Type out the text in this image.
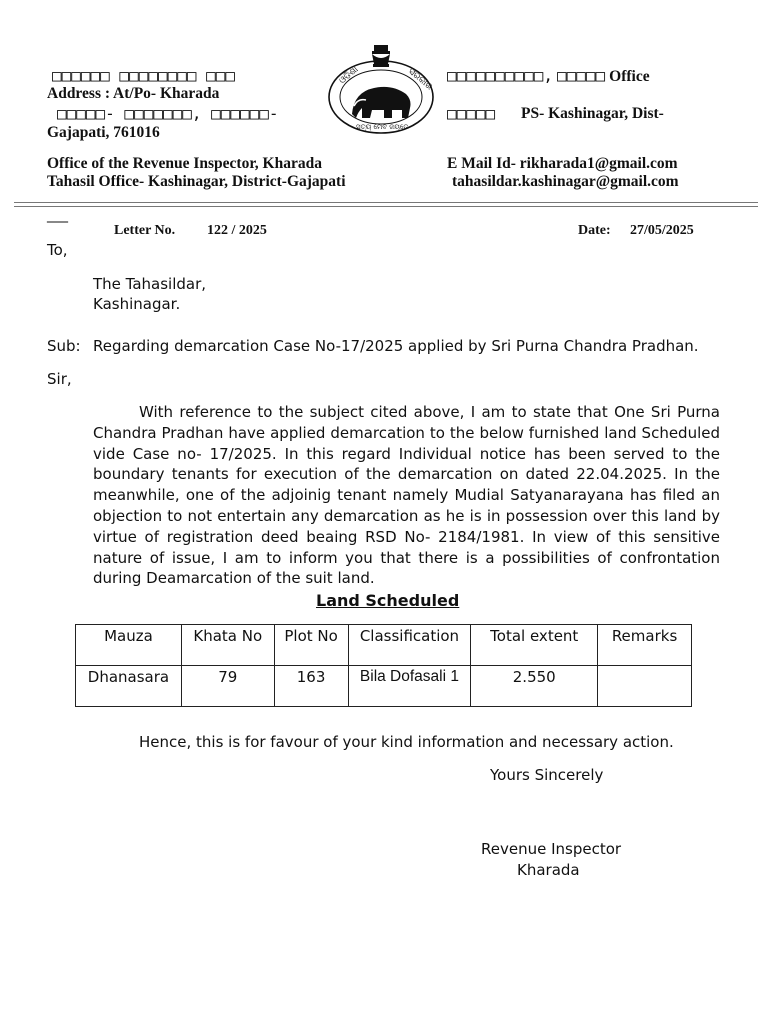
□□□□□□ □□□□□□□□ □□□
Address : At/Po- Kharada
□□□□□- □□□□□□□, □□□□□□-
Gajapati, 761016
ଓଡ଼ିଶା	ସରକାର
ସତ୍ୟ ମେବ ଜୟତେ
□□□□□□□□□□, □□□□□ Office
□□□□□ PS- Kashinagar, Dist-
Office of the Revenue Inspector, Kharada
Tahasil Office- Kashinagar, District-Gajapati
E Mail Id- rikharada1@gmail.com
tahasildar.kashinagar@gmail.com
___
Letter No. 122 / 2025	Date: 27/05/2025
To,
The Tahasildar,
Kashinagar.
Sub: Regarding demarcation Case No-17/2025 applied by Sri Purna Chandra Pradhan.
Sir,
With reference to the subject cited above, I am to state that One Sri Purna Chandra Pradhan have applied demarcation to the below furnished land Scheduled vide Case no- 17/2025. In this regard Individual notice has been served to the boundary tenants for execution of the demarcation on dated 22.04.2025. In the meanwhile, one of the adjoinig tenant namely Mudial Satyanarayana has filed an objection to not entertain any demarcation as he is in possession over this land by virtue of registration deed beaing RSD No- 2184/1981. In view of this sensitive nature of issue, I am to inform you that there is a possibilities of confrontation during Deamarcation of the suit land.
Land Scheduled
Mauza	Khata No	Plot No	Classification	Total extent	Remarks
Dhanasara	79	163	Bila Dofasali 1	2.550	
Hence, this is for favour of your kind information and necessary action.
Yours Sincerely
Revenue Inspector
Kharada
